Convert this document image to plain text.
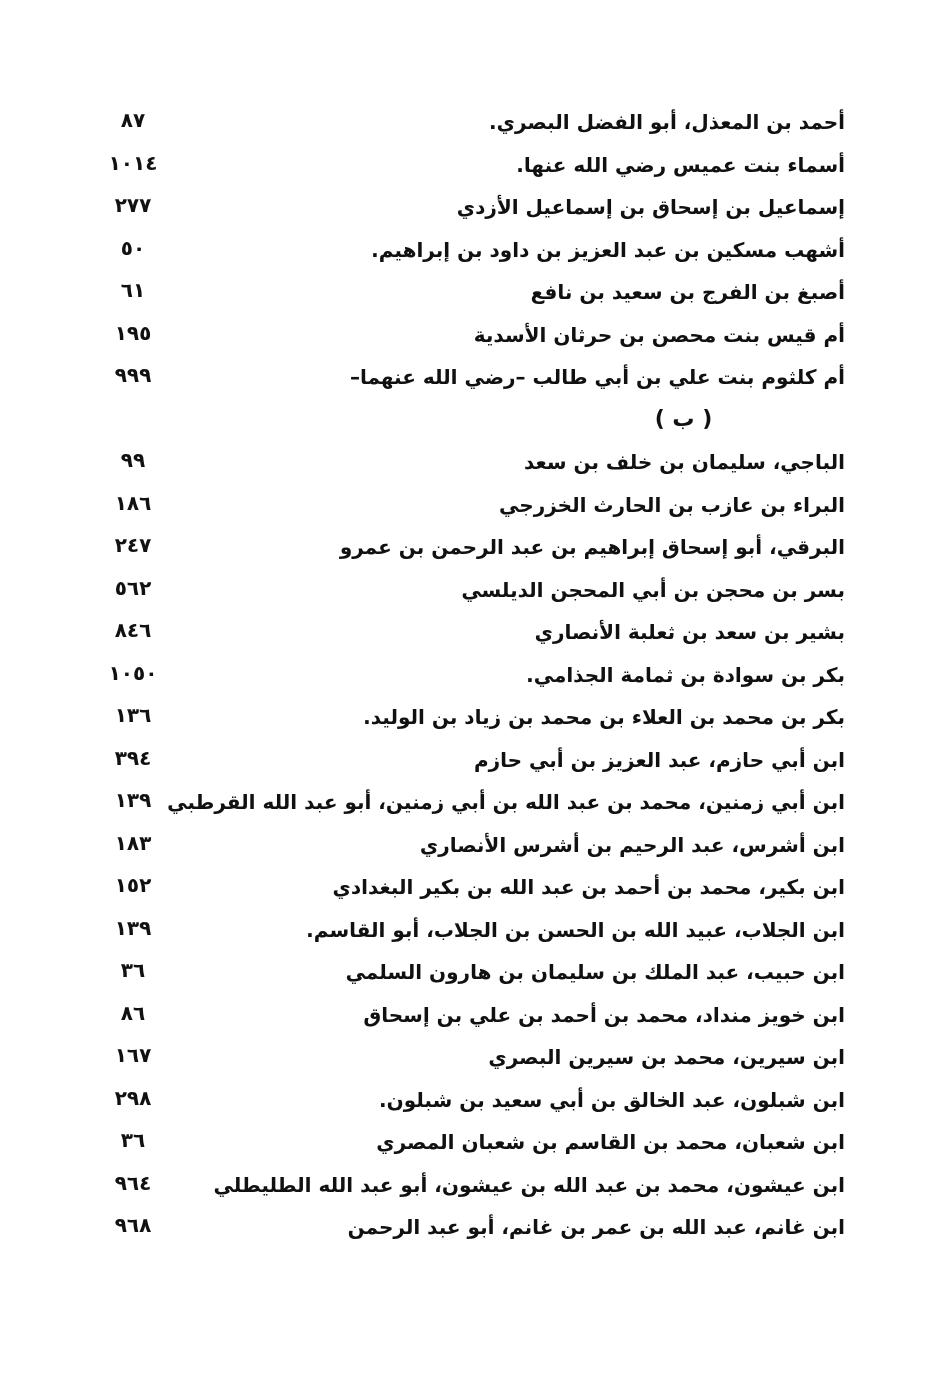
أحمد بن المعذل، أبو الفضل البصري.
٨٧
أسماء بنت عميس رضي الله عنها.
١٠١٤
إسماعيل بن إسحاق بن إسماعيل الأزدي
٢٧٧
أشهب مسكين بن عبد العزيز بن داود بن إبراهيم.
٥٠
أصبغ بن الفرج بن سعيد بن نافع
٦١
أم قيس بنت محصن بن حرثان الأسدية
١٩٥
أم كلثوم بنت علي بن أبي طالب –رضي الله عنهما–
٩٩٩
( ب )
الباجي، سليمان بن خلف بن سعد
٩٩
البراء بن عازب بن الحارث الخزرجي
١٨٦
البرقي، أبو إسحاق إبراهيم بن عبد الرحمن بن عمرو
٢٤٧
بسر بن محجن بن أبي المحجن الديلسي
٥٦٢
بشير بن سعد بن ثعلبة الأنصاري
٨٤٦
بكر بن سوادة بن ثمامة الجذامي.
١٠٥٠
بكر بن محمد بن العلاء بن محمد بن زياد بن الوليد.
١٣٦
ابن أبي حازم، عبد العزيز بن أبي حازم
٣٩٤
ابن أبي زمنين، محمد بن عبد الله بن أبي زمنين، أبو عبد الله القرطبي
١٣٩
ابن أشرس، عبد الرحيم بن أشرس الأنصاري
١٨٣
ابن بكير، محمد بن أحمد بن عبد الله بن بكير البغدادي
١٥٢
ابن الجلاب، عبيد الله بن الحسن بن الجلاب، أبو القاسم.
١٣٩
ابن حبيب، عبد الملك بن سليمان بن هارون السلمي
٣٦
ابن خويز منداد، محمد بن أحمد بن علي بن إسحاق
٨٦
ابن سيرين، محمد بن سيرين البصري
١٦٧
ابن شبلون، عبد الخالق بن أبي سعيد بن شبلون.
٢٩٨
ابن شعبان، محمد بن القاسم بن شعبان المصري
٣٦
ابن عيشون، محمد بن عبد الله بن عيشون، أبو عبد الله الطليطلي
٩٦٤
ابن غانم، عبد الله بن عمر بن غانم، أبو عبد الرحمن
٩٦٨
